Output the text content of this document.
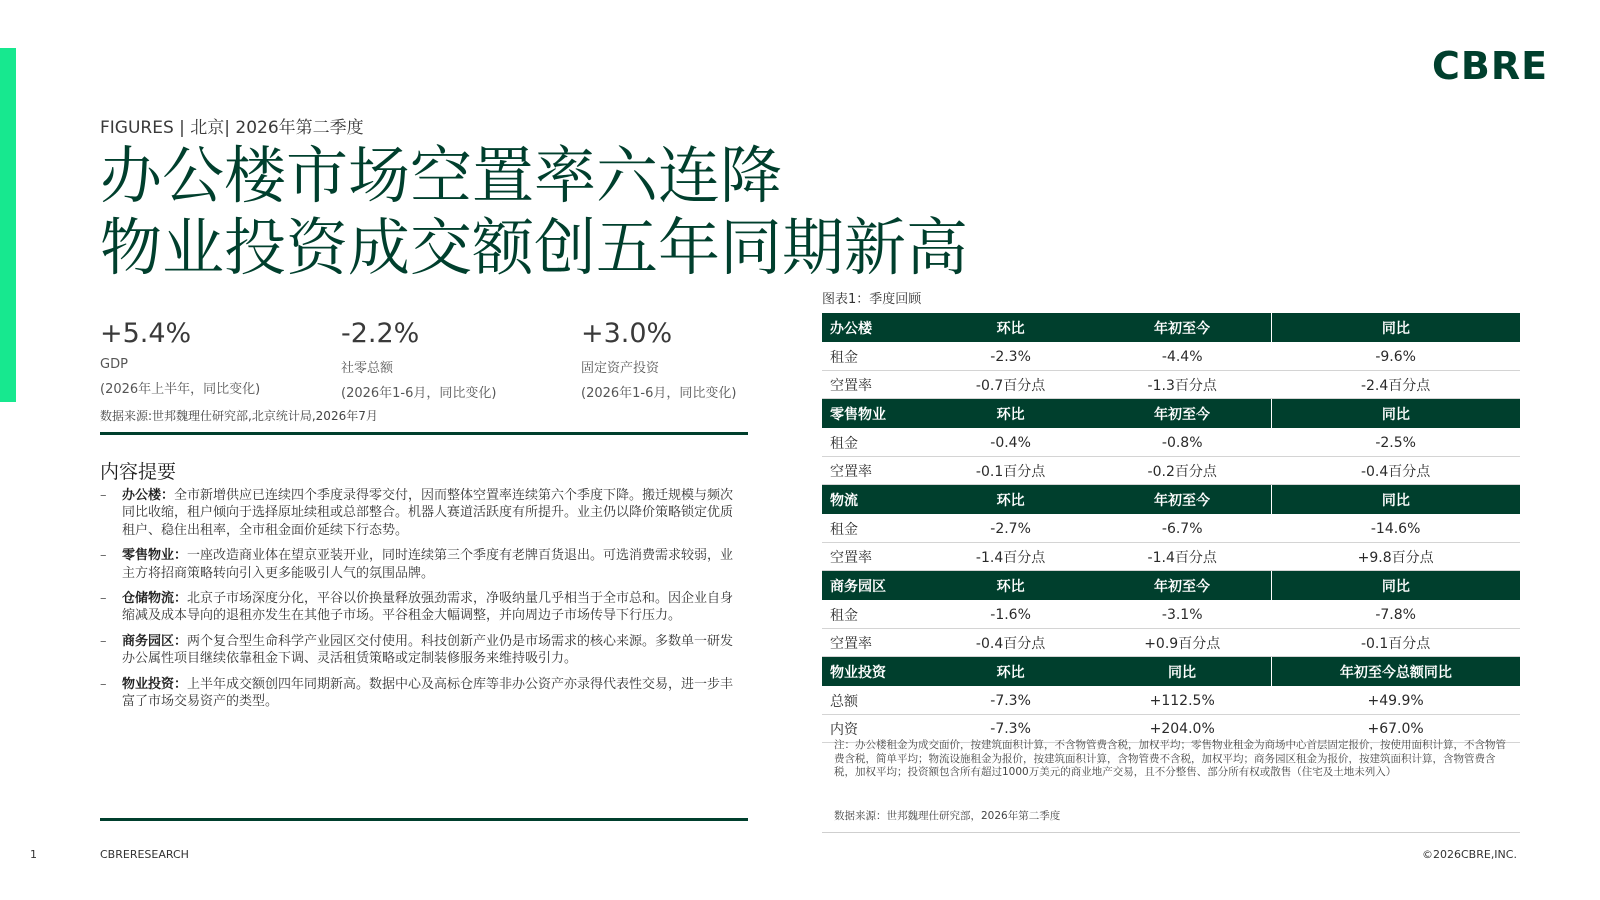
CBRE
FIGURES | 北京| 2026年第二季度
办公楼市场空置率六连降
物业投资成交额创五年同期新高
+5.4%
GDP
(2026年上半年，同比变化)
-2.2%
社零总额
(2026年1-6月，同比变化)
+3.0%
固定资产投资
(2026年1-6月，同比变化)
数据来源:世邦魏理仕研究部,北京统计局,2026年7月
内容提要
–	办公楼：全市新增供应已连续四个季度录得零交付，因而整体空置率连续第六个季度下降。搬迁规模与频次同比收缩，租户倾向于选择原址续租或总部整合。机器人赛道活跃度有所提升。业主仍以降价策略锁定优质租户、稳住出租率，全市租金面价延续下行态势。
–	零售物业：一座改造商业体在望京亚装开业，同时连续第三个季度有老牌百货退出。可选消费需求较弱，业主方将招商策略转向引入更多能吸引人气的氛围品牌。
–	仓储物流：北京子市场深度分化，平谷以价换量释放强劲需求，净吸纳量几乎相当于全市总和。因企业自身缩减及成本导向的退租亦发生在其他子市场。平谷租金大幅调整，并向周边子市场传导下行压力。
–	商务园区：两个复合型生命科学产业园区交付使用。科技创新产业仍是市场需求的核心来源。多数单一研发办公属性项目继续依靠租金下调、灵活租赁策略或定制装修服务来维持吸引力。
–	物业投资：上半年成交额创四年同期新高。数据中心及高标仓库等非办公资产亦录得代表性交易，进一步丰富了市场交易资产的类型。
图表1：季度回顾
办公楼	环比	年初至今	同比
租金	-2.3%	-4.4%	-9.6%
空置率	-0.7百分点	-1.3百分点	-2.4百分点
零售物业	环比	年初至今	同比
租金	-0.4%	-0.8%	-2.5%
空置率	-0.1百分点	-0.2百分点	-0.4百分点
物流	环比	年初至今	同比
租金	-2.7%	-6.7%	-14.6%
空置率	-1.4百分点	-1.4百分点	+9.8百分点
商务园区	环比	年初至今	同比
租金	-1.6%	-3.1%	-7.8%
空置率	-0.4百分点	+0.9百分点	-0.1百分点
物业投资	环比	同比	年初至今总额同比
总额	-7.3%	+112.5%	+49.9%
内资	-7.3%	+204.0%	+67.0%
注：办公楼租金为成交面价，按建筑面积计算，不含物管费含税，加权平均；零售物业租金为商场中心首层固定报价，按使用面积计算，不含物管费含税，简单平均；物流设施租金为报价，按建筑面积计算，含物管费不含税，加权平均；商务园区租金为报价，按建筑面积计算，含物管费含税，加权平均；投资额包含所有超过1000万美元的商业地产交易，且不分整售、部分所有权或散售（住宅及土地未列入）
数据来源：世邦魏理仕研究部，2026年第二季度
1	CBRERESEARCH	©2026CBRE,INC.
